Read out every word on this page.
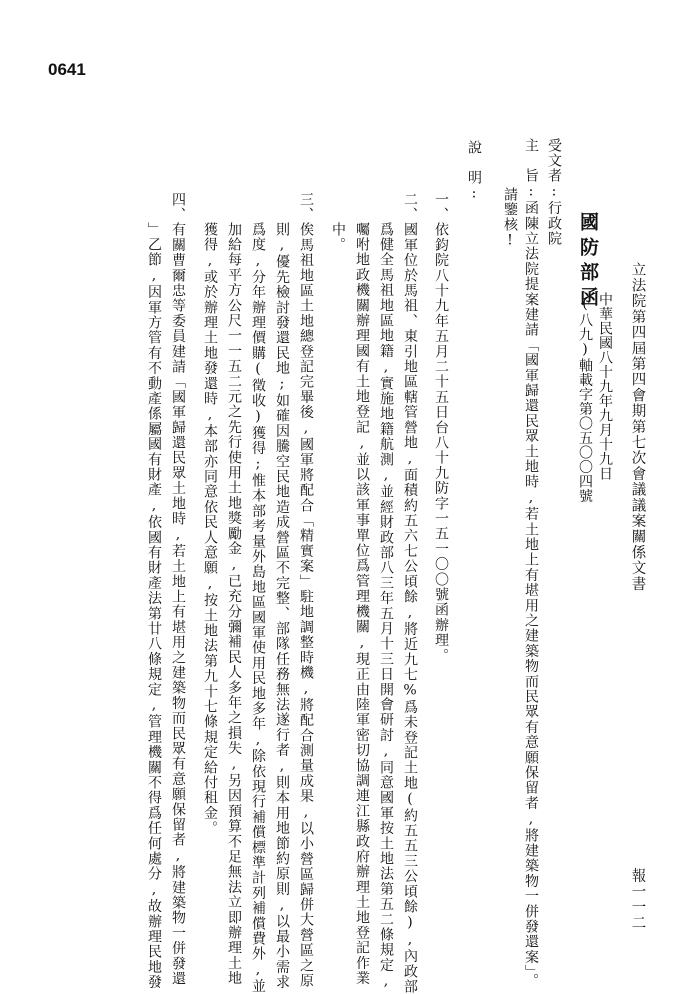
0641
立法院第四屆第四會期第七次會議議案關係文書
報一一二
國防部函
中華民國八十九年九月十九日
(八九)軸載字第〇五〇〇四號
受文者:行政院
主　旨:函陳立法院提案建請「國軍歸還民眾土地時,若土地上有堪用之建築物而民眾有意願保留者,將建築物一併發還案」。
請鑒核!
說　明:
一、依鈞院八十九年五月二十五日台八十九防字一五一〇〇號函辦理。
二、國軍位於馬祖、東引地區轄管營地,面積約五六七公頃餘,將近九七%爲未登記土地(約五五三公頃餘),內政部
爲健全馬祖地區地籍,實施地籍航測,並經財政部八三年五月十三日開會研討,同意國軍按土地法第五二條規定,
囑咐地政機關辦理國有土地登記,並以該軍事單位爲管理機關,現正由陸軍密切協調連江縣政府辦理土地登記作業
中。
三、俟馬祖地區土地總登記完畢後,國軍將配合「精實案」駐地調整時機,將配合測量成果,以小營區歸併大營區之原
則,優先檢討發還民地;如確因騰空民地造成營區不完整、部隊任務無法遂行者,則本用地節約原則,以最小需求
爲度,分年辦理價購(徵收)獲得;惟本部考量外島地區國軍使用民地多年,除依現行補償標準計列補償費外,並
加給每平方公尺一一五二元之先行使用土地獎勵金,已充分彌補民人多年之損失,另因預算不足無法立即辦理土地
獲得,或於辦理土地發還時,本部亦同意依民人意願,按土地法第九十七條規定給付租金。
四、有關曹爾忠等委員建請「國軍歸還民眾土地時,若土地上有堪用之建築物而民眾有意願保留者,將建築物一併發還
」乙節,因軍方管有不動產係屬國有財產,依國有財產法第廿八條規定,管理機關不得爲任何處分,故辦理民地發
